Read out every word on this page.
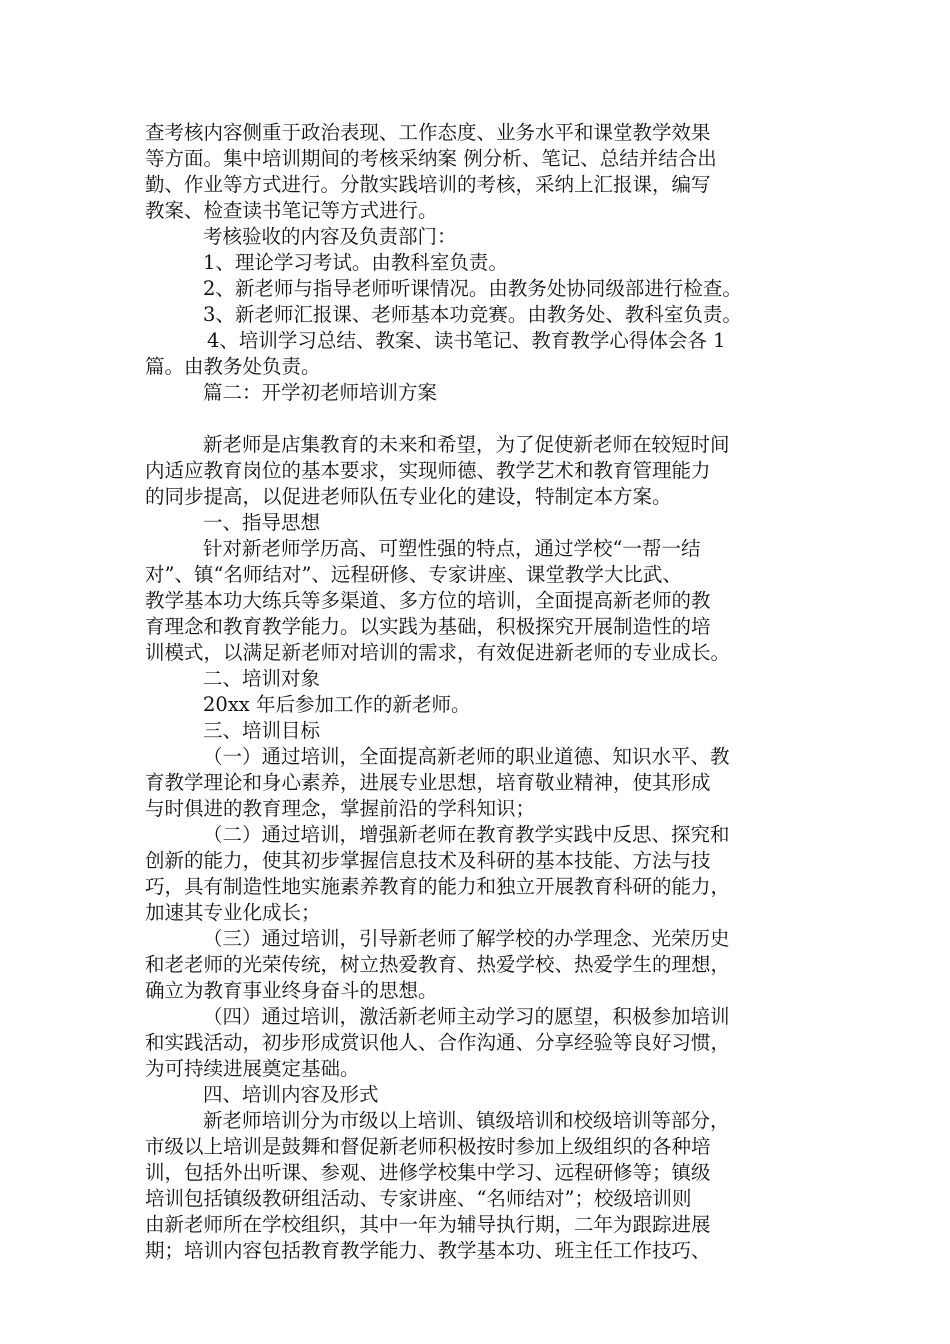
查考核内容侧重于政治表现、工作态度、业务水平和课堂教学效果
等方面。集中培训期间的考核采纳案 例分析、笔记、总结并结合出
勤、作业等方式进行。分散实践培训的考核，采纳上汇报课，编写
教案、检查读书笔记等方式进行。
考核验收的内容及负责部门：
1、理论学习考试。由教科室负责。
2、新老师与指导老师听课情况。由教务处协同级部进行检查。
3、新老师汇报课、老师基本功竞赛。由教务处、教科室负责。
4、培训学习总结、教案、读书笔记、教育教学心得体会各 1
篇。由教务处负责。
篇二：开学初老师培训方案
新老师是店集教育的未来和希望，为了促使新老师在较短时间
内适应教育岗位的基本要求，实现师德、教学艺术和教育管理能力
的同步提高，以促进老师队伍专业化的建设，特制定本方案。
一、指导思想
针对新老师学历高、可塑性强的特点，通过学校“一帮一结
对”、镇“名师结对”、远程研修、专家讲座、课堂教学大比武、
教学基本功大练兵等多渠道、多方位的培训，全面提高新老师的教
育理念和教育教学能力。以实践为基础，积极探究开展制造性的培
训模式，以满足新老师对培训的需求，有效促进新老师的专业成长。
二、培训对象
20xx 年后参加工作的新老师。
三、培训目标
（一）通过培训，全面提高新老师的职业道德、知识水平、教
育教学理论和身心素养，进展专业思想，培育敬业精神，使其形成
与时俱进的教育理念，掌握前沿的学科知识；
（二）通过培训，增强新老师在教育教学实践中反思、探究和
创新的能力，使其初步掌握信息技术及科研的基本技能、方法与技
巧，具有制造性地实施素养教育的能力和独立开展教育科研的能力，
加速其专业化成长；
（三）通过培训，引导新老师了解学校的办学理念、光荣历史
和老老师的光荣传统，树立热爱教育、热爱学校、热爱学生的理想，
确立为教育事业终身奋斗的思想。
（四）通过培训，激活新老师主动学习的愿望，积极参加培训
和实践活动，初步形成赏识他人、合作沟通、分享经验等良好习惯，
为可持续进展奠定基础。
四、培训内容及形式
新老师培训分为市级以上培训、镇级培训和校级培训等部分，
市级以上培训是鼓舞和督促新老师积极按时参加上级组织的各种培
训，包括外出听课、参观、进修学校集中学习、远程研修等；镇级
培训包括镇级教研组活动、专家讲座、“名师结对”；校级培训则
由新老师所在学校组织，其中一年为辅导执行期，二年为跟踪进展
期；培训内容包括教育教学能力、教学基本功、班主任工作技巧、
